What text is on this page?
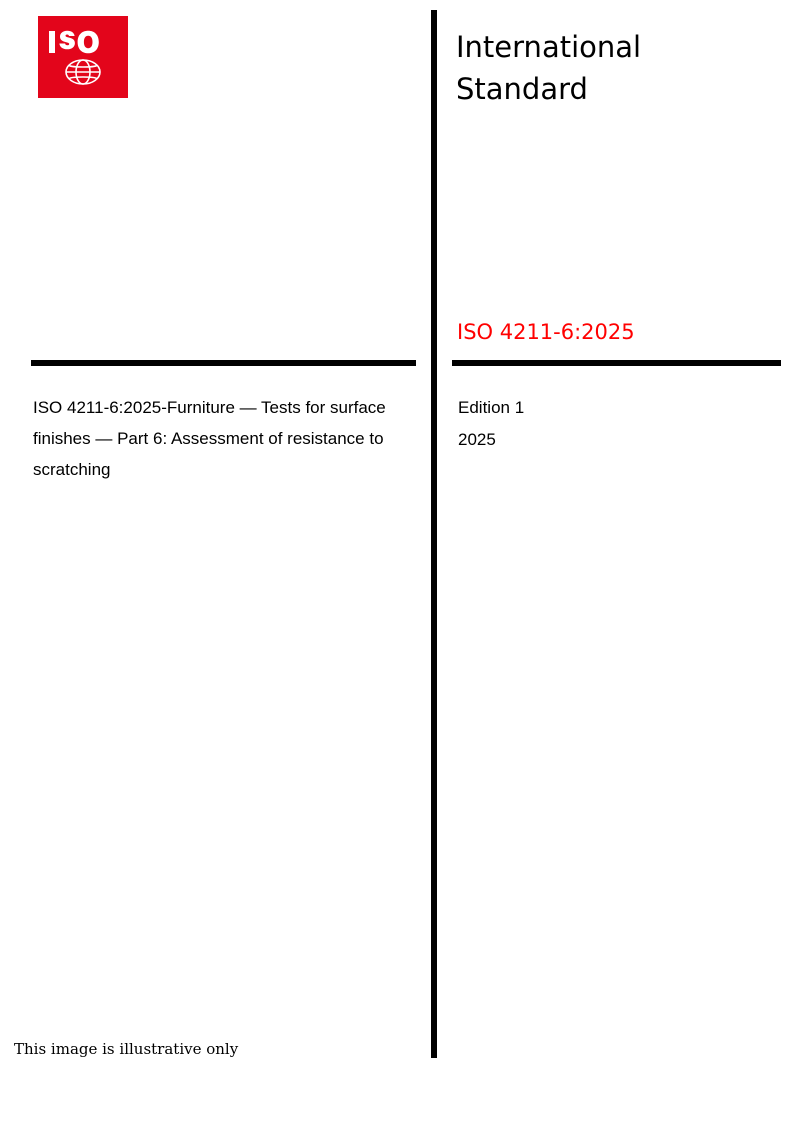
International
Standard
ISO 4211-6:2025
ISO 4211-6:2025-Furniture — Tests for surface finishes — Part 6: Assessment of resistance to scratching
Edition 1
2025
This image is illustrative only
